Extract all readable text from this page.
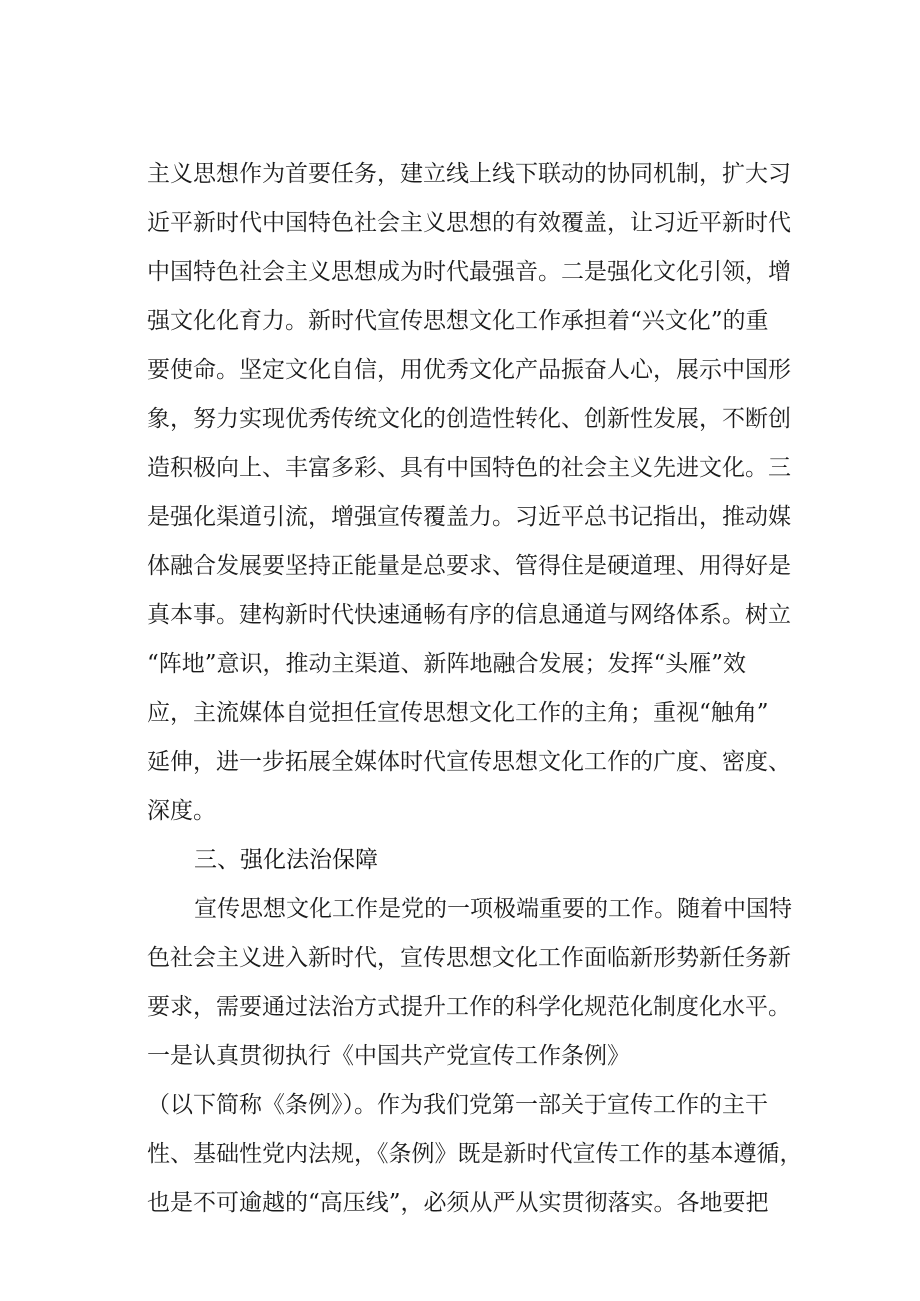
主义思想作为首要任务，建立线上线下联动的协同机制，扩大习
近平新时代中国特色社会主义思想的有效覆盖，让习近平新时代
中国特色社会主义思想成为时代最强音。二是强化文化引领，增
强文化化育力。新时代宣传思想文化工作承担着“兴文化”的重
要使命。坚定文化自信，用优秀文化产品振奋人心，展示中国形
象，努力实现优秀传统文化的创造性转化、创新性发展，不断创
造积极向上、丰富多彩、具有中国特色的社会主义先进文化。三
是强化渠道引流，增强宣传覆盖力。习近平总书记指出，推动媒
体融合发展要坚持正能量是总要求、管得住是硬道理、用得好是
真本事。建构新时代快速通畅有序的信息通道与网络体系。树立
“阵地”意识，推动主渠道、新阵地融合发展；发挥“头雁”效
应，主流媒体自觉担任宣传思想文化工作的主角；重视“触角”
延伸，进一步拓展全媒体时代宣传思想文化工作的广度、密度、
深度。
三、强化法治保障
宣传思想文化工作是党的一项极端重要的工作。随着中国特
色社会主义进入新时代，宣传思想文化工作面临新形势新任务新
要求，需要通过法治方式提升工作的科学化规范化制度化水平。
一是认真贯彻执行《中国共产党宣传工作条例》
（以下简称《条例》）。作为我们党第一部关于宣传工作的主干
性、基础性党内法规，《条例》既是新时代宣传工作的基本遵循，
也是不可逾越的“高压线”，必须从严从实贯彻落实。各地要把
